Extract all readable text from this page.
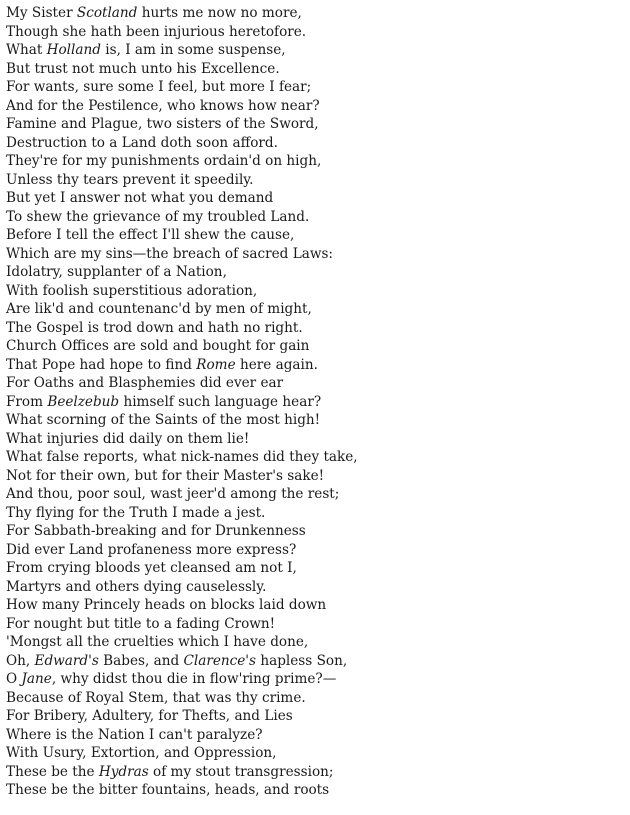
My Sister Scotland hurts me now no more,
Though she hath been injurious heretofore.
What Holland is, I am in some suspense,
But trust not much unto his Excellence.
For wants, sure some I feel, but more I fear;
And for the Pestilence, who knows how near?
Famine and Plague, two sisters of the Sword,
Destruction to a Land doth soon afford.
They're for my punishments ordain'd on high,
Unless thy tears prevent it speedily.
But yet I answer not what you demand
To shew the grievance of my troubled Land.
Before I tell the effect I'll shew the cause,
Which are my sins—the breach of sacred Laws:
Idolatry, supplanter of a Nation,
With foolish superstitious adoration,
Are lik'd and countenanc'd by men of might,
The Gospel is trod down and hath no right.
Church Offices are sold and bought for gain
That Pope had hope to find Rome here again.
For Oaths and Blasphemies did ever ear
From Beelzebub himself such language hear?
What scorning of the Saints of the most high!
What injuries did daily on them lie!
What false reports, what nick-names did they take,
Not for their own, but for their Master's sake!
And thou, poor soul, wast jeer'd among the rest;
Thy flying for the Truth I made a jest.
For Sabbath-breaking and for Drunkenness
Did ever Land profaneness more express?
From crying bloods yet cleansed am not I,
Martyrs and others dying causelessly.
How many Princely heads on blocks laid down
For nought but title to a fading Crown!
'Mongst all the cruelties which I have done,
Oh, Edward's Babes, and Clarence's hapless Son,
O Jane, why didst thou die in flow'ring prime?—
Because of Royal Stem, that was thy crime.
For Bribery, Adultery, for Thefts, and Lies
Where is the Nation I can't paralyze?
With Usury, Extortion, and Oppression,
These be the Hydras of my stout transgression;
These be the bitter fountains, heads, and roots
